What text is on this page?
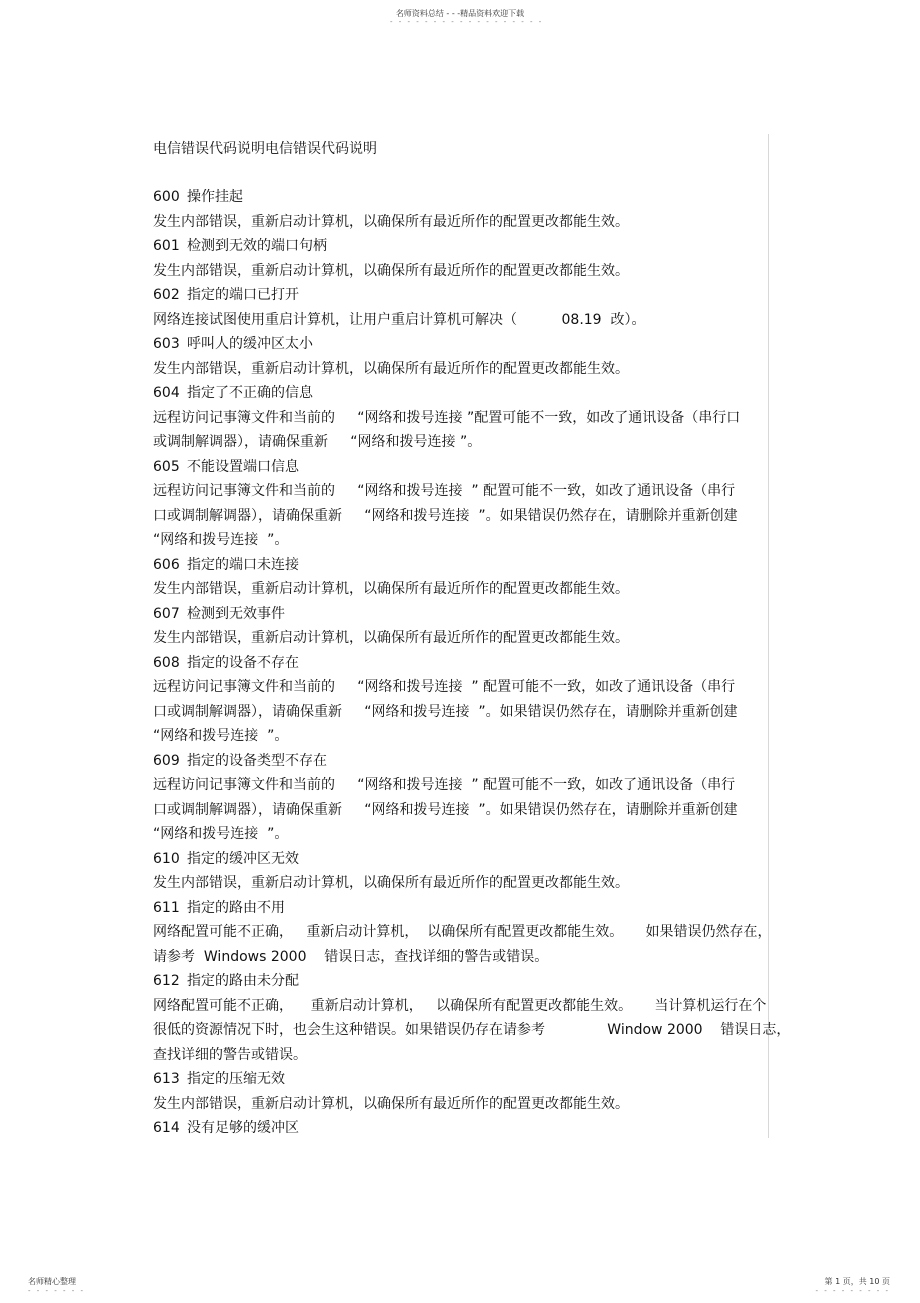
名师资料总结 - - -精品资料欢迎下载
- - - - - - - - - - - - - - - - - -
电信错误代码说明电信错误代码说明
600 操作挂起
发生内部错误，重新启动计算机，以确保所有最近所作的配置更改都能生效。
601 检测到无效的端口句柄
发生内部错误，重新启动计算机，以确保所有最近所作的配置更改都能生效。
602 指定的端口已打开
网络连接试图使用重启计算机，让用户重启计算机可解决（          08.19  改）。
603 呼叫人的缓冲区太小
发生内部错误，重新启动计算机，以确保所有最近所作的配置更改都能生效。
604 指定了不正确的信息
远程访问记事簿文件和当前的     “网络和拨号连接 ”配置可能不一致，如改了通讯设备（串行口
或调制解调器），请确保重新     “网络和拨号连接 ”。
605 不能设置端口信息
远程访问记事簿文件和当前的     “网络和拨号连接  ” 配置可能不一致，如改了通讯设备（串行
口或调制解调器），请确保重新     “网络和拨号连接  ”。如果错误仍然存在，请删除并重新创建
“网络和拨号连接  ”。
606 指定的端口未连接
发生内部错误，重新启动计算机，以确保所有最近所作的配置更改都能生效。
607 检测到无效事件
发生内部错误，重新启动计算机，以确保所有最近所作的配置更改都能生效。
608 指定的设备不存在
远程访问记事簿文件和当前的     “网络和拨号连接  ” 配置可能不一致，如改了通讯设备（串行
口或调制解调器），请确保重新     “网络和拨号连接  ”。如果错误仍然存在，请删除并重新创建
“网络和拨号连接  ”。
609 指定的设备类型不存在
远程访问记事簿文件和当前的     “网络和拨号连接  ” 配置可能不一致，如改了通讯设备（串行
口或调制解调器），请确保重新     “网络和拨号连接  ”。如果错误仍然存在，请删除并重新创建
“网络和拨号连接  ”。
610 指定的缓冲区无效
发生内部错误，重新启动计算机，以确保所有最近所作的配置更改都能生效。
611 指定的路由不用
网络配置可能不正确，   重新启动计算机，  以确保所有配置更改都能生效。     如果错误仍然存在，
请参考  Windows 2000    错误日志，查找详细的警告或错误。
612 指定的路由未分配
网络配置可能不正确，    重新启动计算机，   以确保所有配置更改都能生效。     当计算机运行在个
很低的资源情况下时，也会生这种错误。如果错误仍存在请参考              Window 2000    错误日志，
查找详细的警告或错误。
613 指定的压缩无效
发生内部错误，重新启动计算机，以确保所有最近所作的配置更改都能生效。
614 没有足够的缓冲区
名师精心整理
- - - - - - -
第 1 页，共 10 页
- - - - - - - - -
